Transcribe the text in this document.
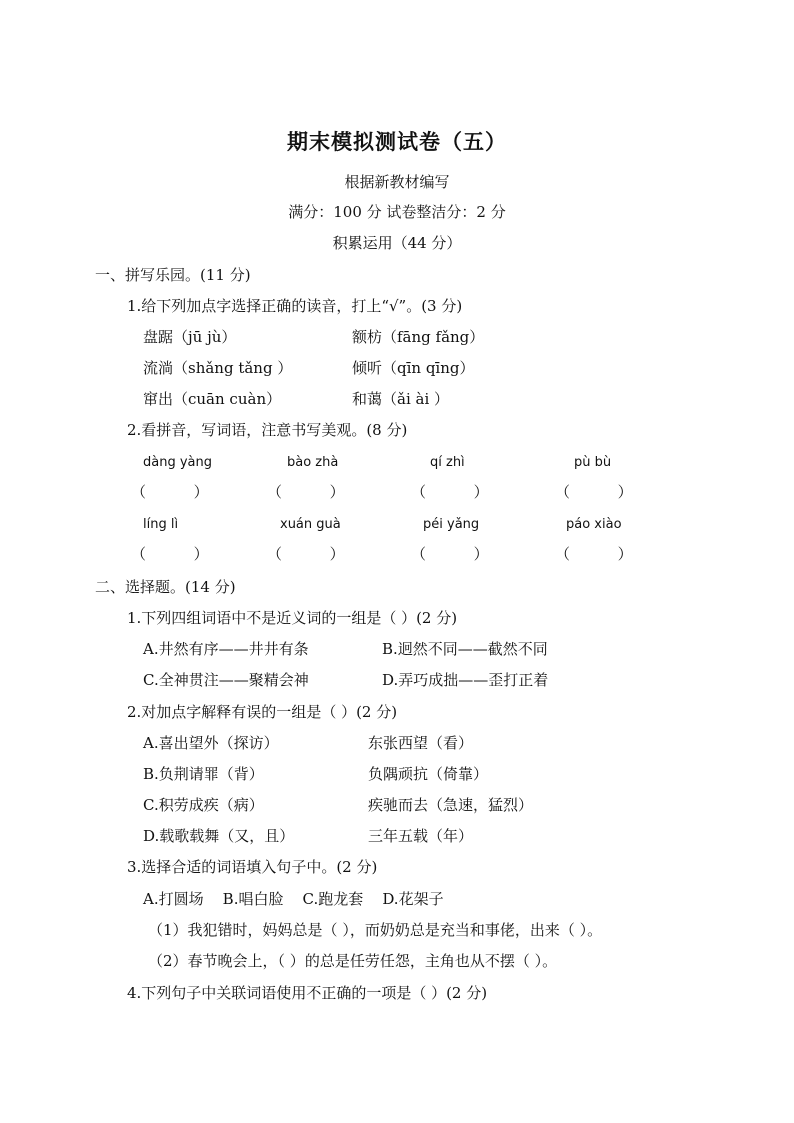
期末模拟测试卷（五）
根据新教材编写
满分：100 分 试卷整洁分：2 分
积累运用（44 分）
一、拼写乐园。(11 分)
1.给下列加点字选择正确的读音，打上“√”。(3 分)
盘踞（jū jù）	额枋（fāng fǎng）
流淌（shǎng tǎng ）	倾听（qīn qīng）
窜出（cuān cuàn）	和蔼（ǎi ài ）
2.看拼音，写词语，注意书写美观。(8 分)
dàng yàng	bào zhà	qí zhì	pù bù
（          ）	（          ）	（          ）	（          ）
líng lì	xuán guà	péi yǎng	páo xiào
（          ）	（          ）	（          ）	（          ）
二、选择题。(14 分)
1.下列四组词语中不是近义词的一组是（ ）(2 分)
A.井然有序——井井有条	B.迥然不同——截然不同
C.全神贯注——聚精会神	D.弄巧成拙——歪打正着
2.对加点字解释有误的一组是（ ）(2 分)
A.喜出望外（探访）	东张西望（看）
B.负荆请罪（背）	负隅顽抗（倚靠）
C.积劳成疾（病）	疾驰而去（急速，猛烈）
D.载歌载舞（又，且）	三年五载（年）
3.选择合适的词语填入句子中。(2 分)
A.打圆场    B.唱白脸    C.跑龙套    D.花架子
（1）我犯错时，妈妈总是（ ），而奶奶总是充当和事佬，出来（ ）。
（2）春节晚会上，（ ）的总是任劳任怨，主角也从不摆（ ）。
4.下列句子中关联词语使用不正确的一项是（ ）(2 分)
